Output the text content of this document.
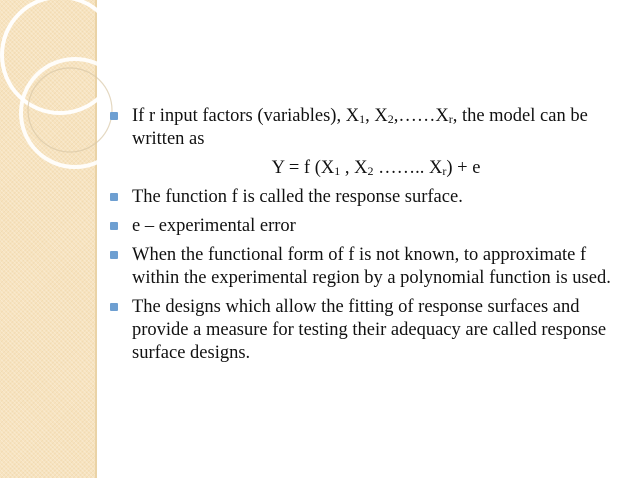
If r input factors (variables), $X_1$, $X_2,\dots\dots X_r$, the model can be written as
Y = f ($X_1$ , $X_2$ …….. $X_r) + e$
The function f is called the response surface.
e – experimental error
When the functional form of f is not known, to approximate f within the experimental region by a polynomial function is used.
The designs which allow the fitting of response surfaces and provide a measure for testing their adequacy are called response surface designs.
